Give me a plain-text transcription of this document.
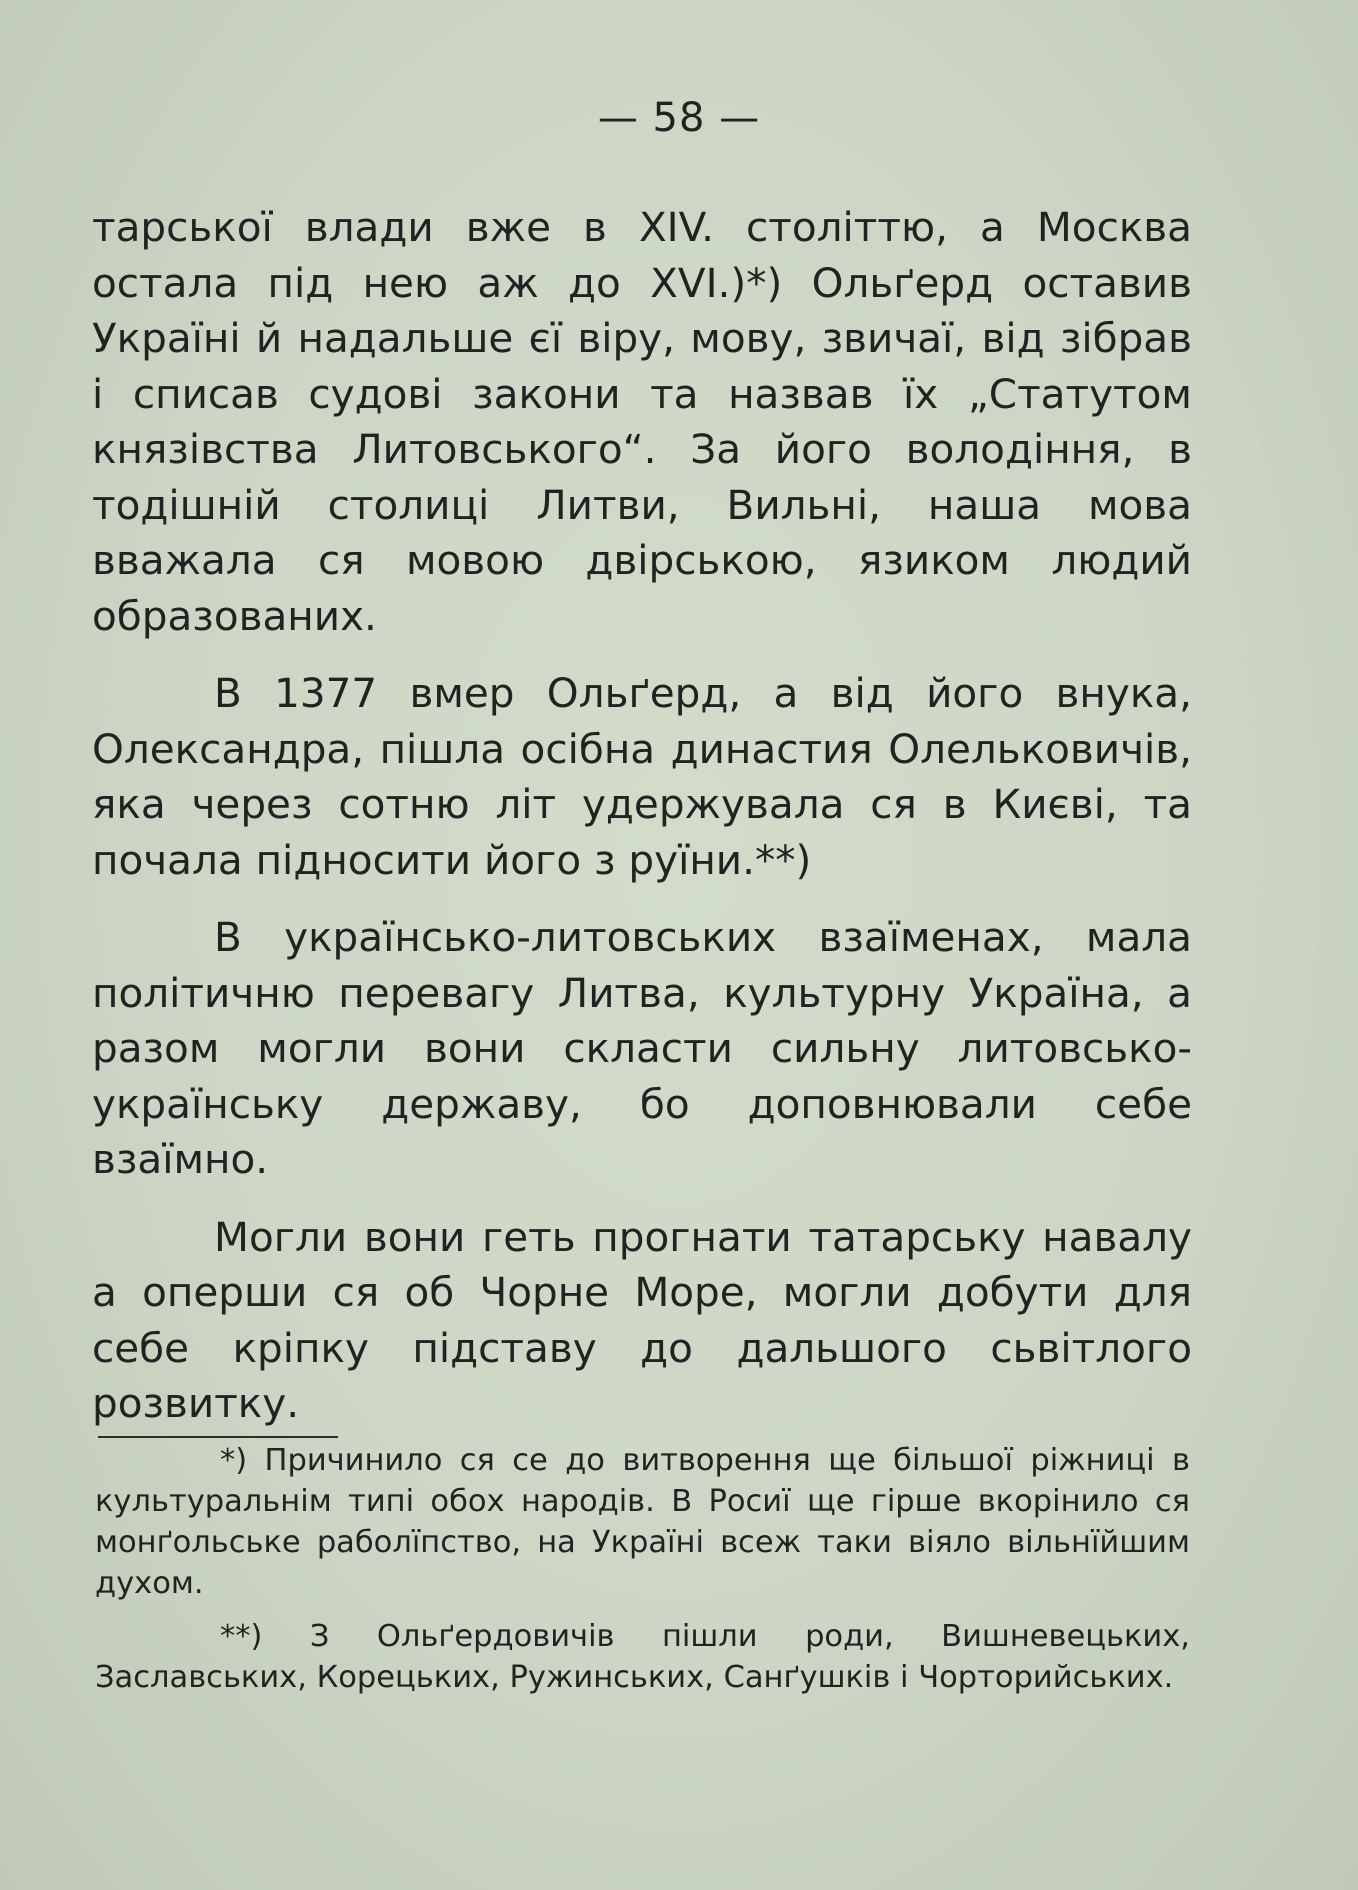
— 58 —

тарської влади вже в XIV. століттю, а Москва остала під нею аж до XVI.)*) Ольґерд оставив Україні й надальше єї віру, мову, звичаї, від зібрав і списав судові закони та назвав їх „Статутом князівства Литовського“. За його володіння, в тодішній столиці Литви, Вильні, наша мова вважала ся мовою двірською, язиком людий образованих.

В 1377 вмер Ольґерд, а від його внука, Олександра, пішла осібна династия Олельковичів, яка через сотню літ удержувала ся в Києві, та почала підносити його з руїни.**)

В українсько-литовських взаїменах, мала політичню перевагу Литва, культурну Україна, а разом могли вони скласти сильну литовсько-українську державу, бо доповнювали себе взаїмно.

Могли вони геть прогнати татарську навалу а оперши ся об Чорне Море, могли добути для себе кріпку підставу до дальшого сьвітлого розвитку.

*) Причинило ся се до витворення ще більшої ріжниці в культуральнім типі обох народів. В Росиї ще гірше вкорінило ся монґольське раболїпство, на Україні всеж таки віяло вільнїйшим духом.

**) З Ольґердовичів пішли роди, Вишневецьких, Заславських, Корецьких, Ружинських, Санґушків і Чорторийських.
